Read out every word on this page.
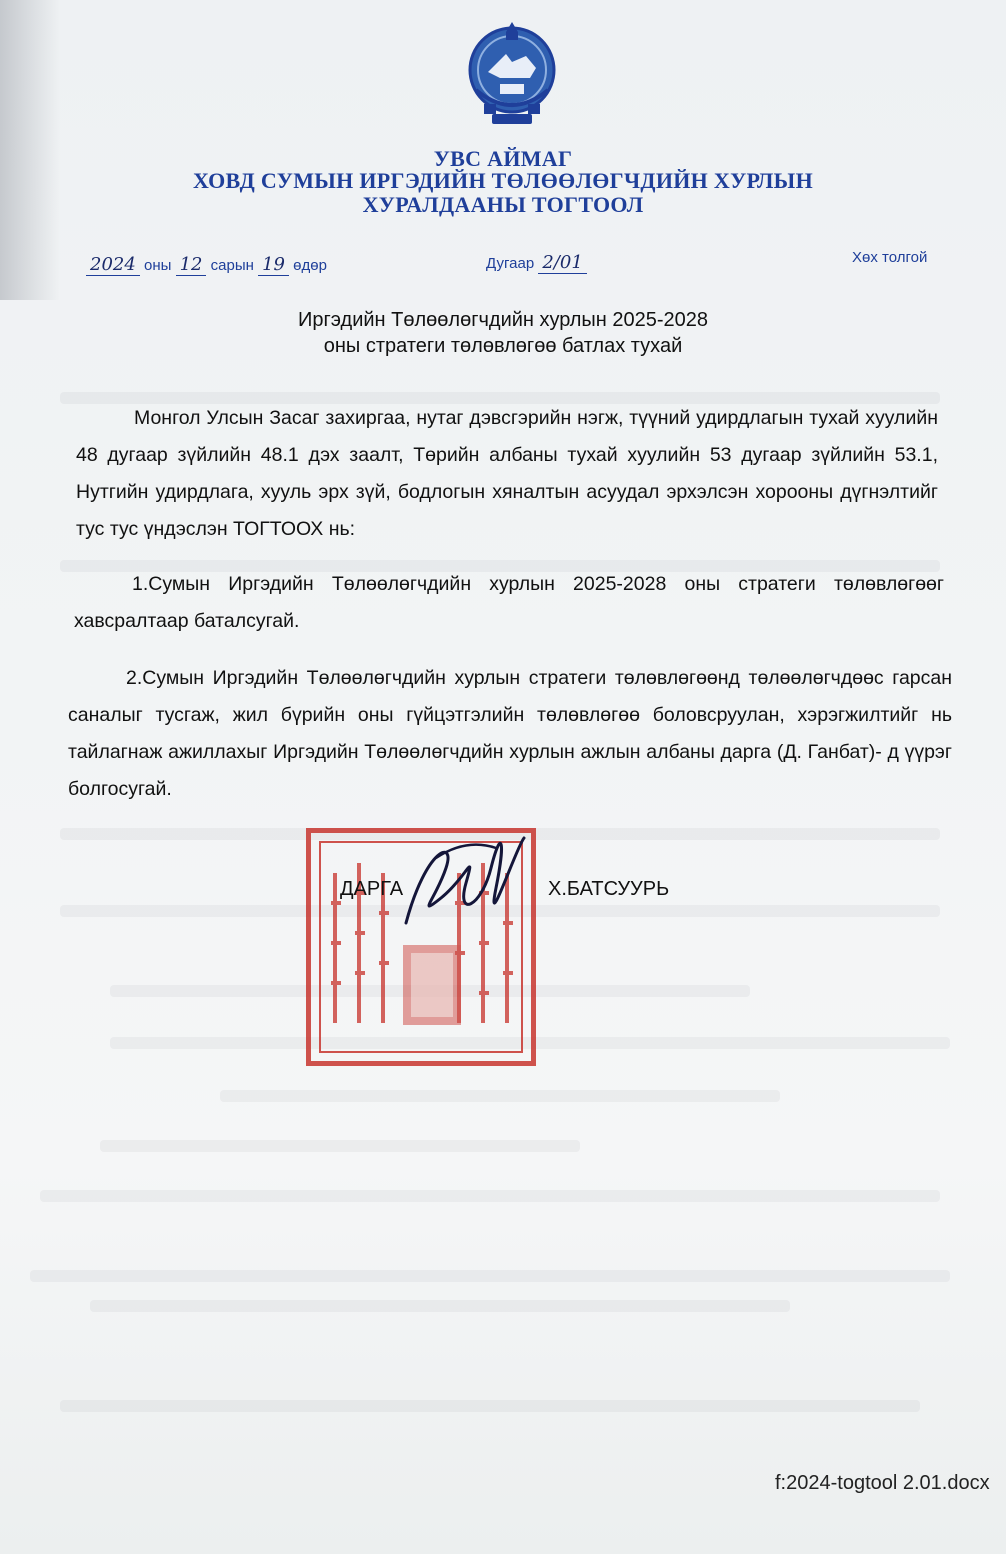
УВС АЙМАГ
ХОВД СУМЫН ИРГЭДИЙН ТӨЛӨӨЛӨГЧДИЙН ХУРЛЫН
ХУРАЛДААНЫ ТОГТООЛ
2024 оны 12 сарын 19 өдөр	Дугаар 2/01	Хөх толгой
Иргэдийн Төлөөлөгчдийн хурлын 2025-2028
оны стратеги төлөвлөгөө батлах тухай

Монгол Улсын Засаг захиргаа, нутаг дэвсгэрийн нэгж, түүний удирдлагын тухай хуулийн 48 дугаар зүйлийн 48.1 дэх заалт, Төрийн албаны тухай хуулийн 53 дугаар зүйлийн 53.1, Нутгийн удирдлага, хууль эрх зүй, бодлогын хяналтын асуудал эрхэлсэн хорооны дүгнэлтийг тус тус үндэслэн ТОГТООХ нь:

1.Сумын Иргэдийн Төлөөлөгчдийн хурлын 2025-2028 оны стратеги төлөвлөгөөг хавсралтаар баталсугай.

2.Сумын Иргэдийн Төлөөлөгчдийн хурлын стратеги төлөвлөгөөнд төлөөлөгчдөөс гарсан саналыг тусгаж, жил бүрийн оны гүйцэтгэлийн төлөвлөгөө боловсруулан, хэрэгжилтийг нь тайлагнаж ажиллахыг Иргэдийн Төлөөлөгчдийн хурлын ажлын албаны дарга (Д. Ганбат)- д үүрэг болгосугай.

ДАРГА	Х.БАТСУУРЬ
f:2024-togtool 2.01.docx
